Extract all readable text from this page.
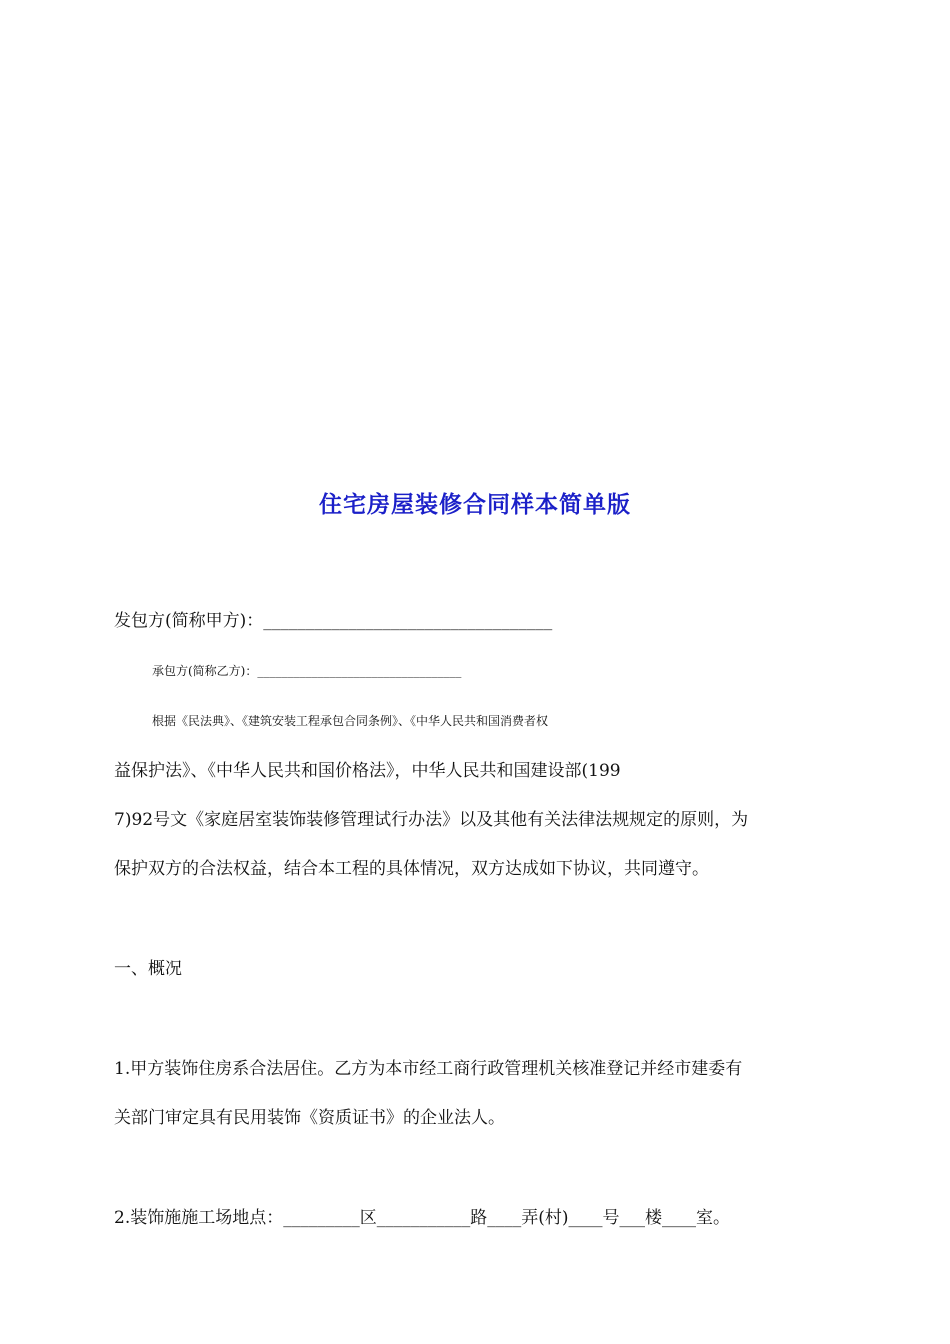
住宅房屋装修合同样本简单版
发包方(简称甲方)：__________________________________
承包方(简称乙方)：__________________________________
根据《民法典》、《建筑安装工程承包合同条例》、《中华人民共和国消费者权
益保护法》、《中华人民共和国价格法》，中华人民共和国建设部(199
7)92号文《家庭居室装饰装修管理试行办法》以及其他有关法律法规规定的原则，为
保护双方的合法权益，结合本工程的具体情况，双方达成如下协议，共同遵守。
一、概况
1.甲方装饰住房系合法居住。乙方为本市经工商行政管理机关核准登记并经市建委有
关部门审定具有民用装饰《资质证书》的企业法人。
2.装饰施施工场地点：_________区___________路____弄(村)____号___楼____室。
